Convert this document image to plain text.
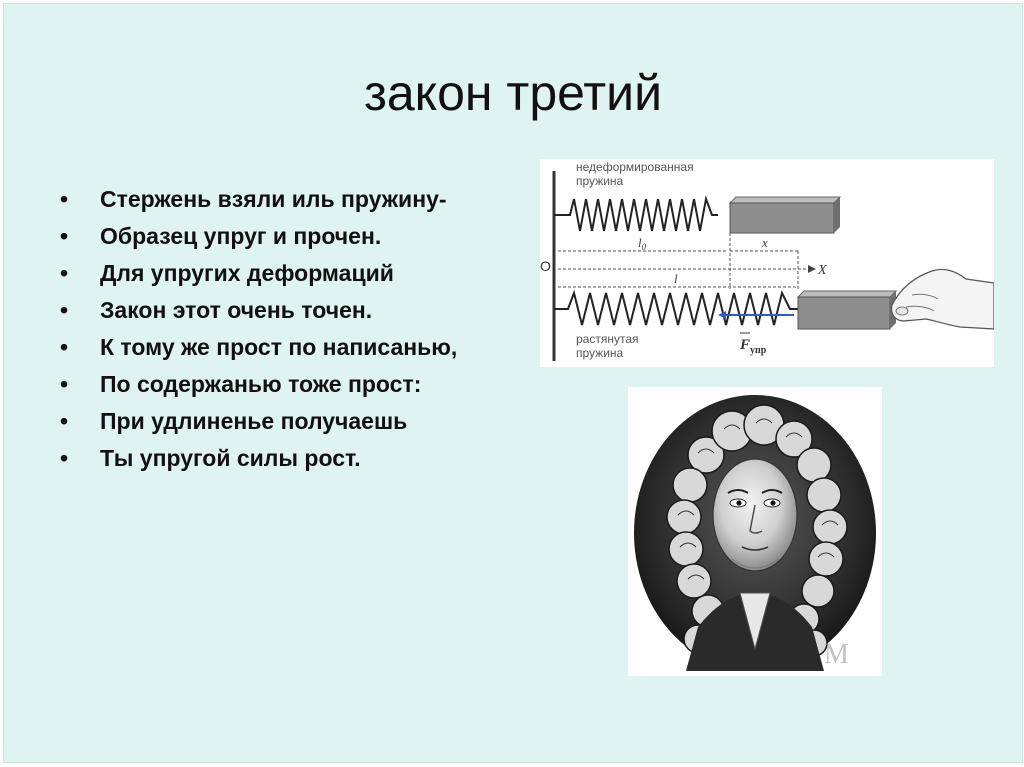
закон третий
• Стержень взяли иль пружину-
• Образец упруг и прочен.
• Для упругих деформаций
• Закон этот очень точен.
• К тому же прост по написанью,
• По содержанью тоже прост:
• При удлиненье получаешь
• Ты упругой силы рост.
недеформированная
пружина
$l_0$	x
O	X
l
$F_{упр}$
растянутая
пружина
M
